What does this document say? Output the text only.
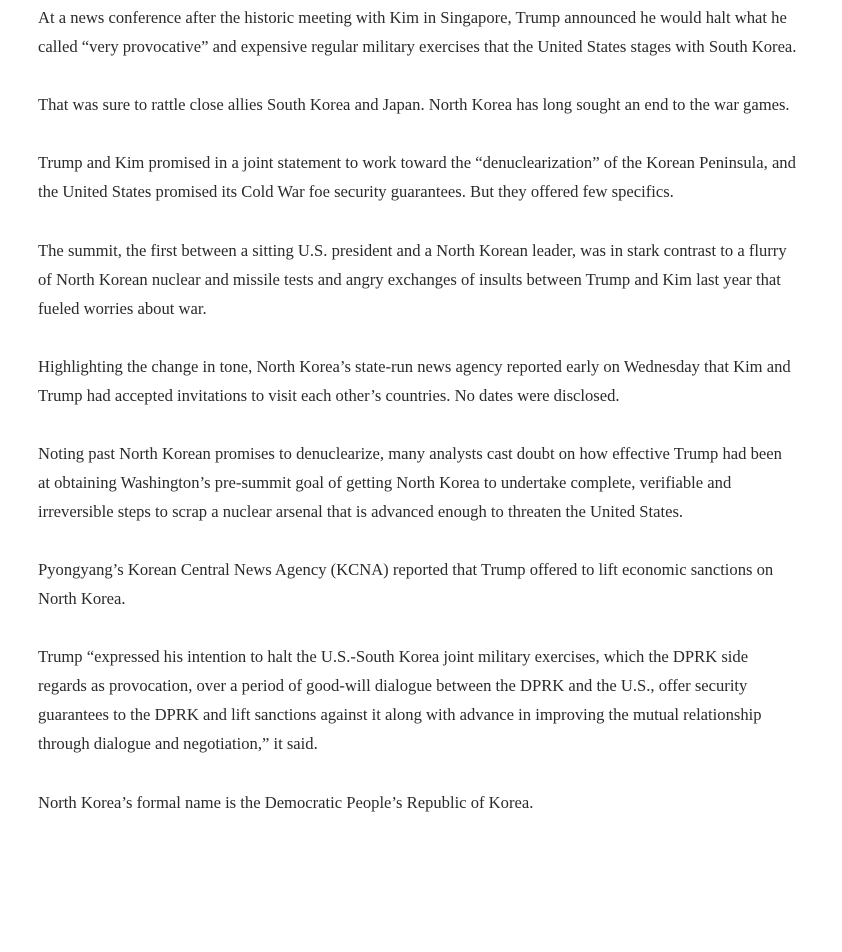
At a news conference after the historic meeting with Kim in Singapore, Trump announced he would halt what he called “very provocative” and expensive regular military exercises that the United States stages with South Korea.

That was sure to rattle close allies South Korea and Japan. North Korea has long sought an end to the war games.

Trump and Kim promised in a joint statement to work toward the “denuclearization” of the Korean Peninsula, and the United States promised its Cold War foe security guarantees. But they offered few specifics.

The summit, the first between a sitting U.S. president and a North Korean leader, was in stark contrast to a flurry of North Korean nuclear and missile tests and angry exchanges of insults between Trump and Kim last year that fueled worries about war.

Highlighting the change in tone, North Korea’s state-run news agency reported early on Wednesday that Kim and Trump had accepted invitations to visit each other’s countries. No dates were disclosed.

Noting past North Korean promises to denuclearize, many analysts cast doubt on how effective Trump had been at obtaining Washington’s pre-summit goal of getting North Korea to undertake complete, verifiable and irreversible steps to scrap a nuclear arsenal that is advanced enough to threaten the United States.

Pyongyang’s Korean Central News Agency (KCNA) reported that Trump offered to lift economic sanctions on North Korea.

Trump “expressed his intention to halt the U.S.-South Korea joint military exercises, which the DPRK side regards as provocation, over a period of good-will dialogue between the DPRK and the U.S., offer security guarantees to the DPRK and lift sanctions against it along with advance in improving the mutual relationship through dialogue and negotiation,” it said.

North Korea’s formal name is the Democratic People’s Republic of Korea.
